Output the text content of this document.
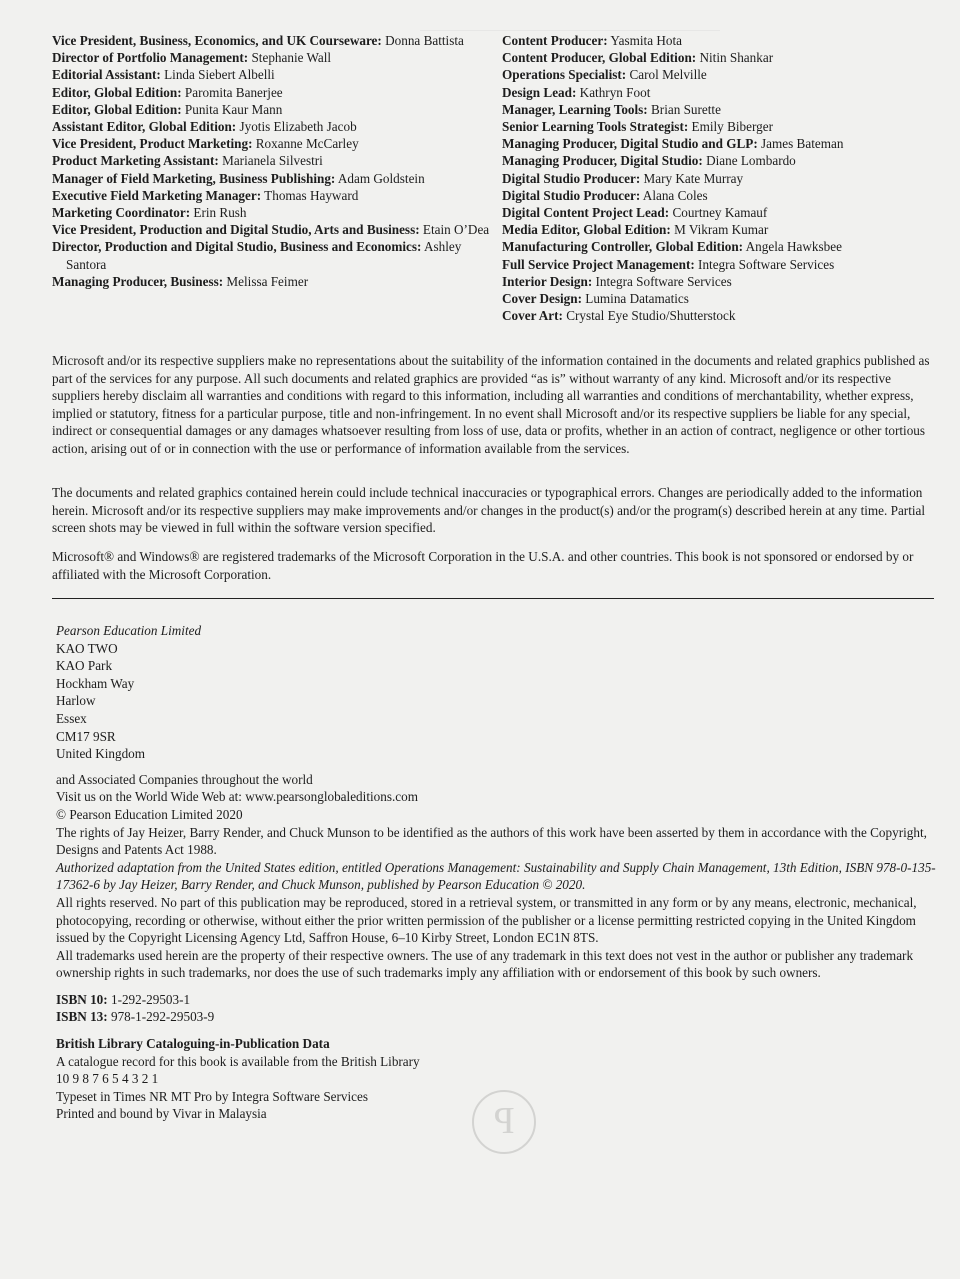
P
Vice President, Business, Economics, and UK Courseware: Donna Battista
Director of Portfolio Management: Stephanie Wall
Editorial Assistant: Linda Siebert Albelli
Editor, Global Edition: Paromita Banerjee
Editor, Global Edition: Punita Kaur Mann
Assistant Editor, Global Edition: Jyotis Elizabeth Jacob
Vice President, Product Marketing: Roxanne McCarley
Product Marketing Assistant: Marianela Silvestri
Manager of Field Marketing, Business Publishing: Adam Goldstein
Executive Field Marketing Manager: Thomas Hayward
Marketing Coordinator: Erin Rush
Vice President, Production and Digital Studio, Arts and Business: Etain O’Dea
Director, Production and Digital Studio, Business and Economics: Ashley Santora
Managing Producer, Business: Melissa Feimer
Content Producer: Yasmita Hota
Content Producer, Global Edition: Nitin Shankar
Operations Specialist: Carol Melville
Design Lead: Kathryn Foot
Manager, Learning Tools: Brian Surette
Senior Learning Tools Strategist: Emily Biberger
Managing Producer, Digital Studio and GLP: James Bateman
Managing Producer, Digital Studio: Diane Lombardo
Digital Studio Producer: Mary Kate Murray
Digital Studio Producer: Alana Coles
Digital Content Project Lead: Courtney Kamauf
Media Editor, Global Edition: M Vikram Kumar
Manufacturing Controller, Global Edition: Angela Hawksbee
Full Service Project Management: Integra Software Services
Interior Design: Integra Software Services
Cover Design: Lumina Datamatics
Cover Art: Crystal Eye Studio/Shutterstock
Microsoft and/or its respective suppliers make no representations about the suitability of the information contained in the documents and related graphics published as part of the services for any purpose. All such documents and related graphics are provided “as is” without warranty of any kind. Microsoft and/or its respective suppliers hereby disclaim all warranties and conditions with regard to this information, including all warranties and conditions of merchantability, whether express, implied or statutory, fitness for a particular purpose, title and non-infringement. In no event shall Microsoft and/or its respective suppliers be liable for any special, indirect or consequential damages or any damages whatsoever resulting from loss of use, data or profits, whether in an action of contract, negligence or other tortious action, arising out of or in connection with the use or performance of information available from the services.
The documents and related graphics contained herein could include technical inaccuracies or typographical errors. Changes are periodically added to the information herein. Microsoft and/or its respective suppliers may make improvements and/or changes in the product(s) and/or the program(s) described herein at any time. Partial screen shots may be viewed in full within the software version specified.
Microsoft® and Windows® are registered trademarks of the Microsoft Corporation in the U.S.A. and other countries. This book is not sponsored or endorsed by or affiliated with the Microsoft Corporation.

Pearson Education Limited

KAO TWO

KAO Park

Hockham Way

Harlow

Essex

CM17 9SR

United Kingdom

and Associated Companies throughout the world

Visit us on the World Wide Web at: www.pearsonglobaleditions.com

© Pearson Education Limited 2020

The rights of Jay Heizer, Barry Render, and Chuck Munson to be identified as the authors of this work have been asserted by them in accordance with the Copyright, Designs and Patents Act 1988.

Authorized adaptation from the United States edition, entitled Operations Management: Sustainability and Supply Chain Management, 13th Edition, ISBN 978-0-135-17362-6 by Jay Heizer, Barry Render, and Chuck Munson, published by Pearson Education © 2020.

All rights reserved. No part of this publication may be reproduced, stored in a retrieval system, or transmitted in any form or by any means, electronic, mechanical, photocopying, recording or otherwise, without either the prior written permission of the publisher or a license permitting restricted copying in the United Kingdom issued by the Copyright Licensing Agency Ltd, Saffron House, 6–10 Kirby Street, London EC1N 8TS.

All trademarks used herein are the property of their respective owners. The use of any trademark in this text does not vest in the author or publisher any trademark ownership rights in such trademarks, nor does the use of such trademarks imply any affiliation with or endorsement of this book by such owners.

ISBN 10: 1-292-29503-1

ISBN 13: 978-1-292-29503-9

British Library Cataloguing-in-Publication Data

A catalogue record for this book is available from the British Library

10 9 8 7 6 5 4 3 2 1

Typeset in Times NR MT Pro by Integra Software Services

Printed and bound by Vivar in Malaysia
